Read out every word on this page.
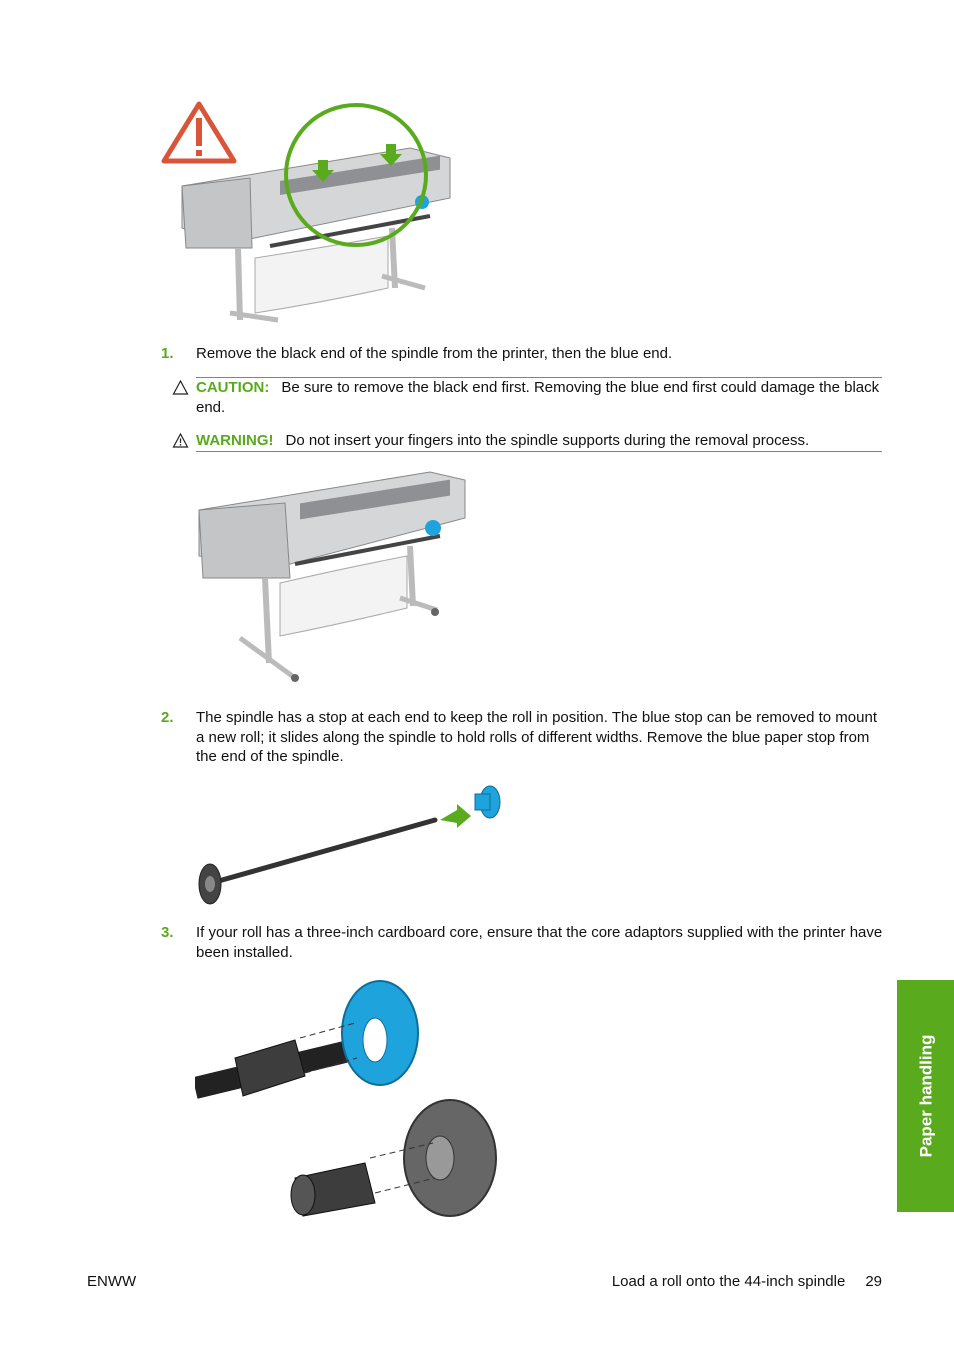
1. Remove the black end of the spindle from the printer, then the blue end.
CAUTION: Be sure to remove the black end first. Removing the blue end first could damage the black end.
WARNING! Do not insert your fingers into the spindle supports during the removal process.
2. The spindle has a stop at each end to keep the roll in position. The blue stop can be removed to mount a new roll; it slides along the spindle to hold rolls of different widths. Remove the blue paper stop from the end of the spindle.
3. If your roll has a three-inch cardboard core, ensure that the core adaptors supplied with the printer have been installed.
Paper handling
ENWW	Load a roll onto the 44-inch spindle 29
